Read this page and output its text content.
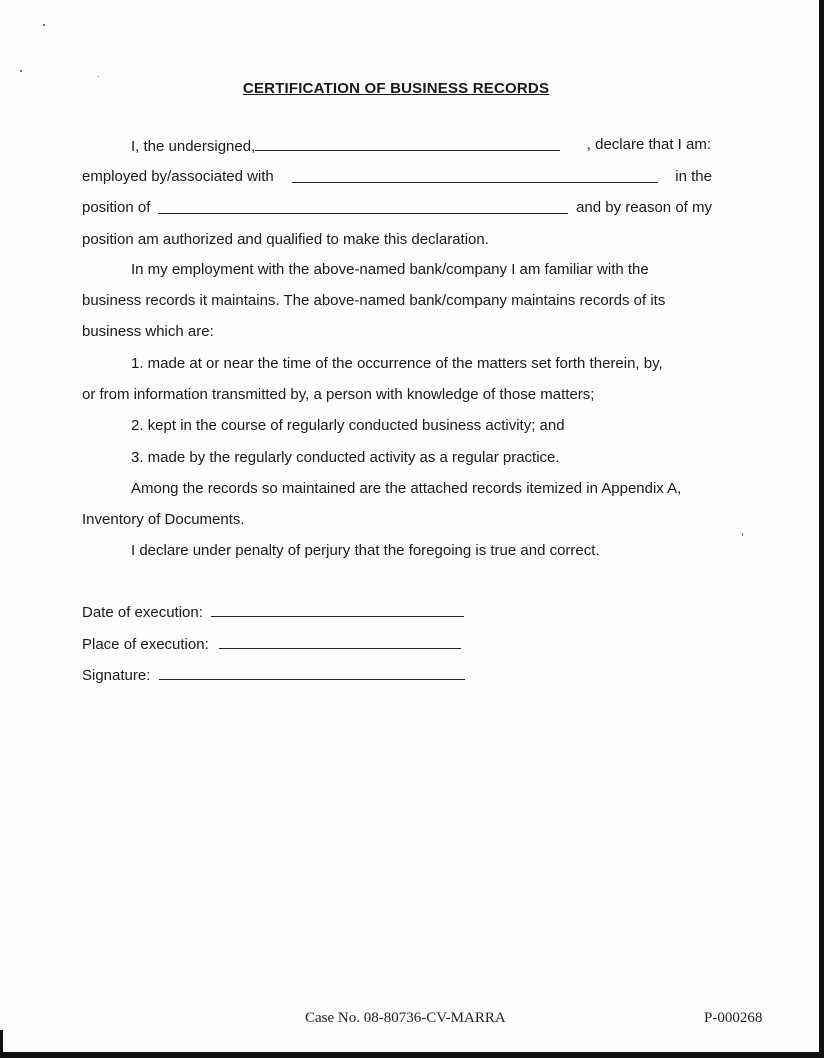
CERTIFICATION OF BUSINESS RECORDS
I, the undersigned,	, declare that I am:
employed by/associated with	in the
position of	and by reason of my
position am authorized and qualified to make this declaration.
In my employment with the above-named bank/company I am familiar with the
business records it maintains. The above-named bank/company maintains records of its
business which are:
1. made at or near the time of the occurrence of the matters set forth therein, by,
or from information transmitted by, a person with knowledge of those matters;
2. kept in the course of regularly conducted business activity; and
3. made by the regularly conducted activity as a regular practice.
Among the records so maintained are the attached records itemized in Appendix A,
Inventory of Documents.
I declare under penalty of perjury that the foregoing is true and correct.
Date of execution:
Place of execution:
Signature:
Case No. 08-80736-CV-MARRA	P-000268
